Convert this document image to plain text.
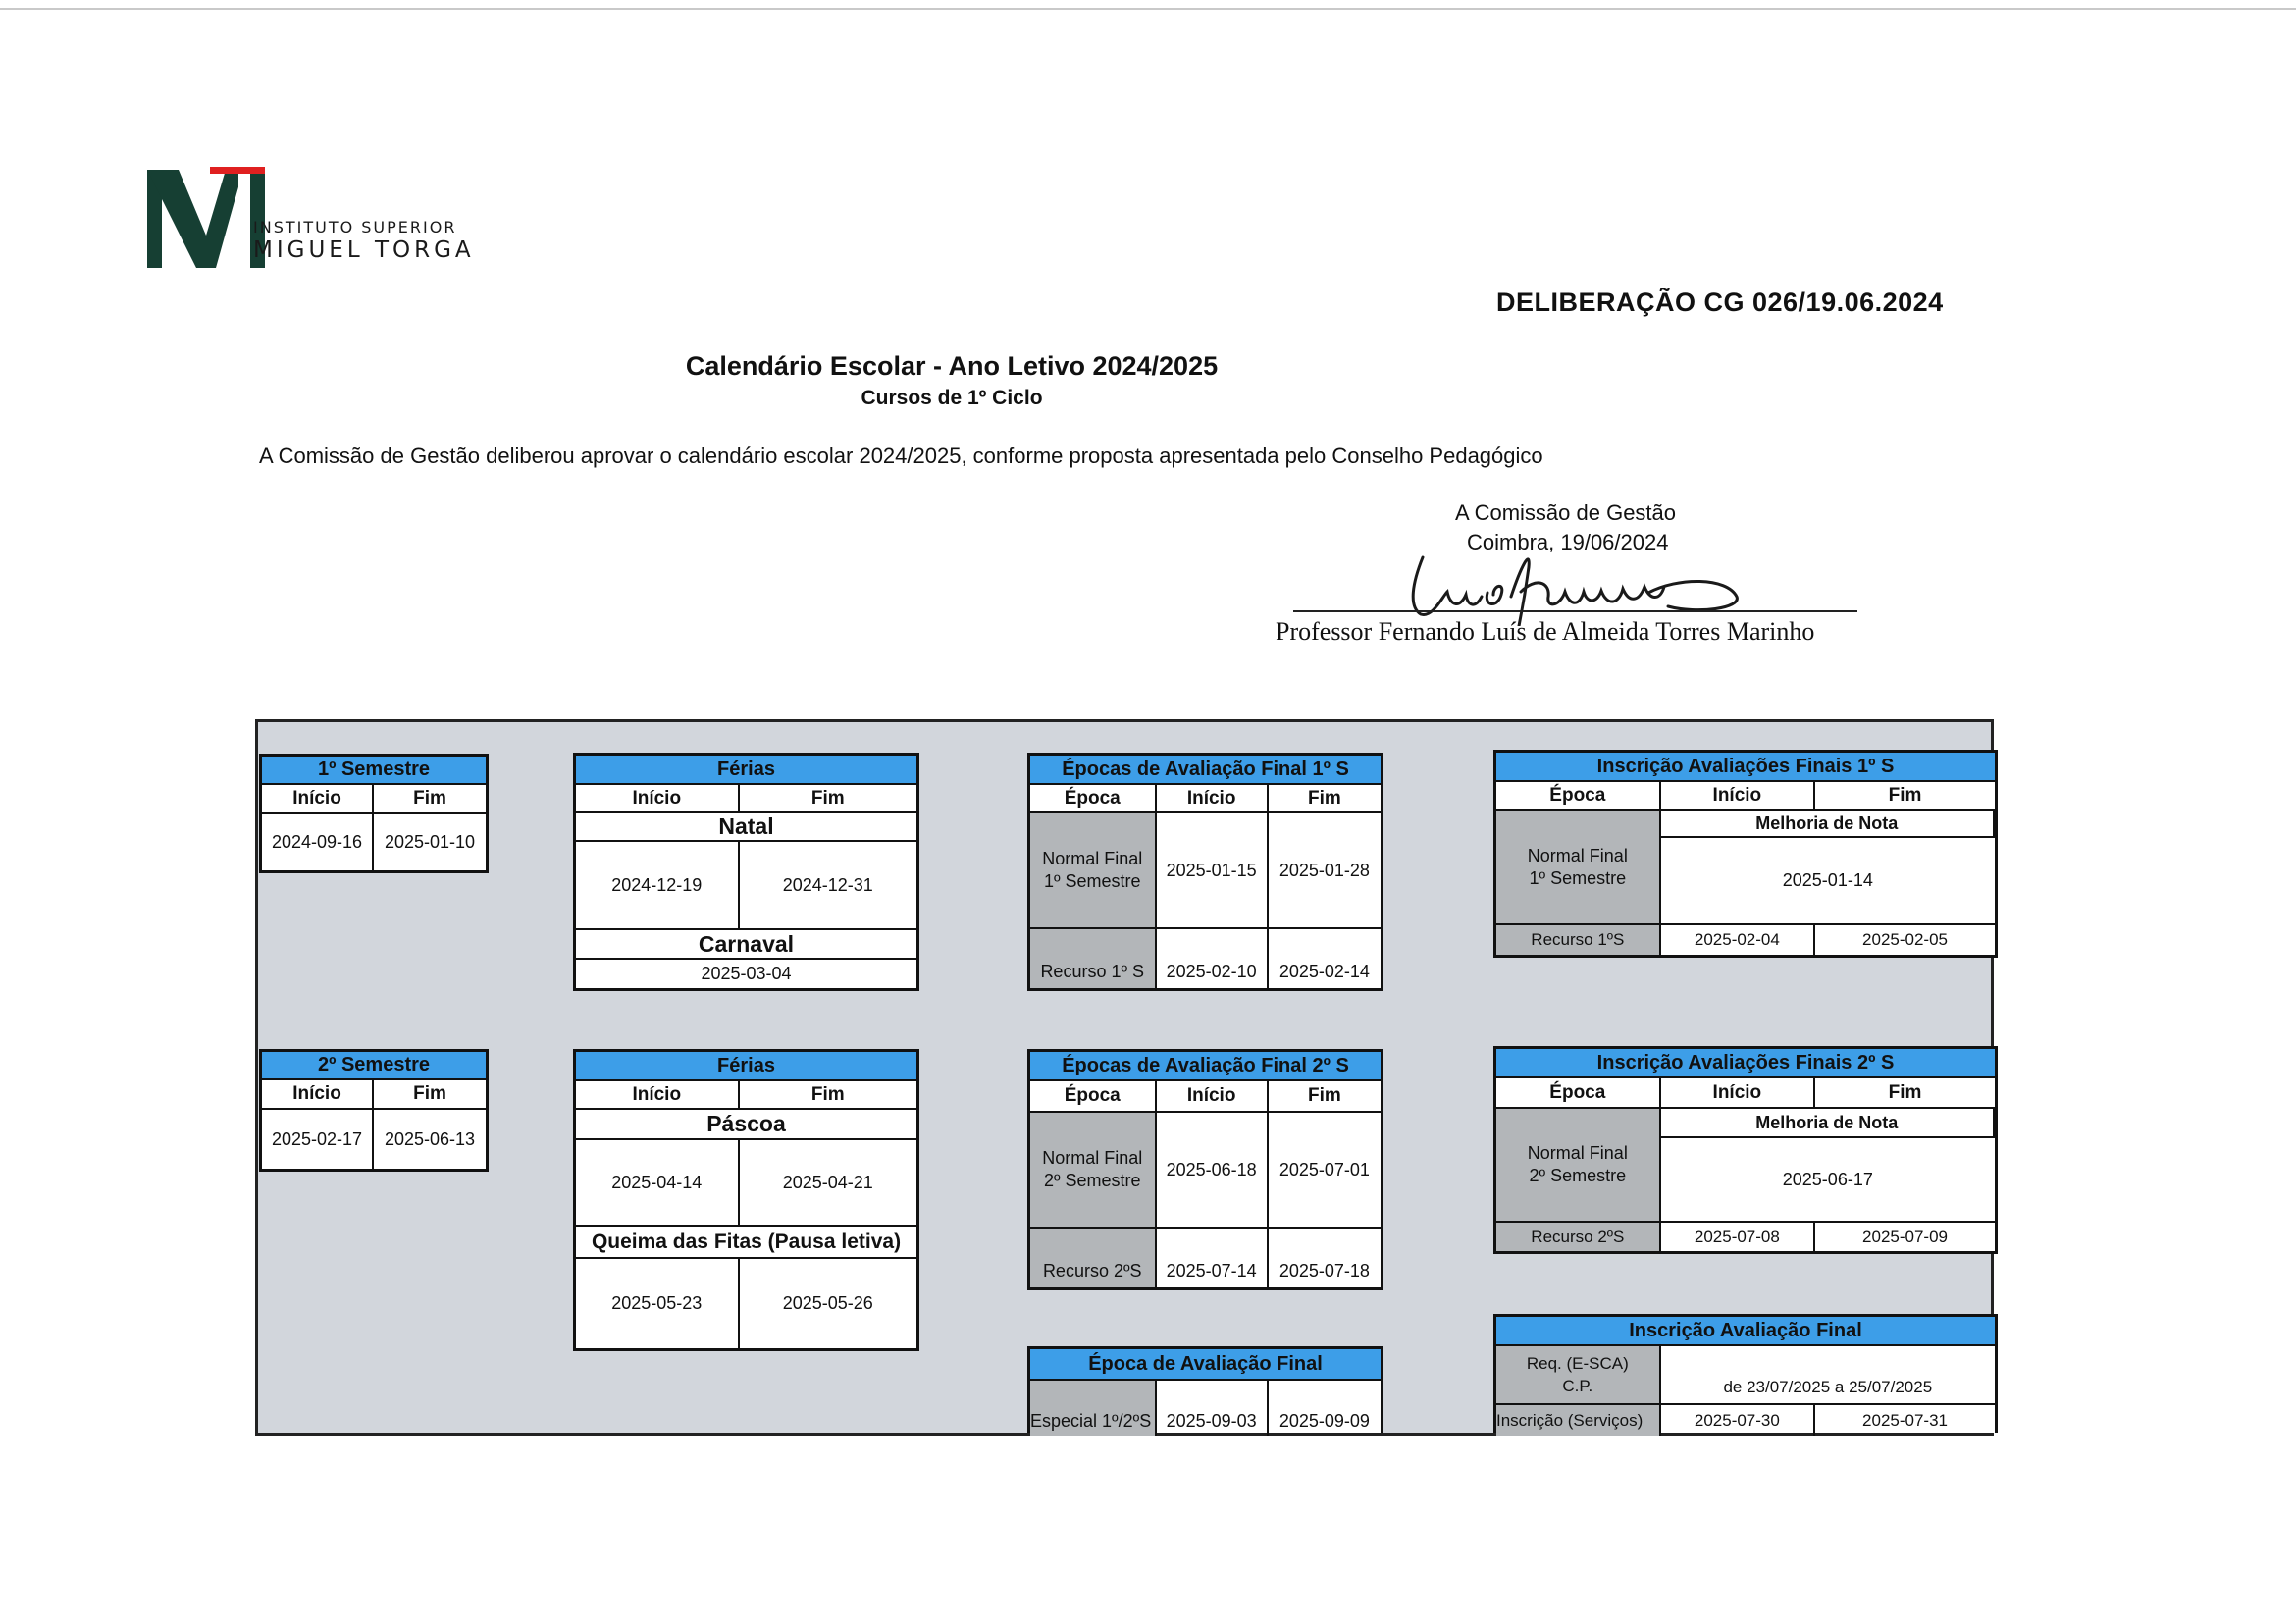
INSTITUTO SUPERIOR
MIGUEL TORGA
DELIBERAÇÃO CG 026/19.06.2024
Calendário Escolar - Ano Letivo 2024/2025
Cursos de 1º Ciclo
A Comissão de Gestão deliberou aprovar o calendário escolar 2024/2025, conforme proposta apresentada pelo Conselho Pedagógico
A Comissão de Gestão
Coimbra, 19/06/2024
Professor Fernando Luís de Almeida Torres Marinho
1º Semestre
Início	Fim
2024-09-16	2025-01-10
2º Semestre
Início	Fim
2025-02-17	2025-06-13
Férias
Início	Fim
Natal
2024-12-19	2024-12-31
Carnaval
2025-03-04
Férias
Início	Fim
Páscoa
2025-04-14	2025-04-21
Queima das Fitas (Pausa letiva)
2025-05-23	2025-05-26
Épocas de Avaliação Final 1º S
Época	Início	Fim
Normal Final
1º Semestre
2025-01-15	2025-01-28
Recurso 1º S	2025-02-10	2025-02-14
Épocas de Avaliação Final 2º S
Época	Início	Fim
Normal Final
2º Semestre
2025-06-18	2025-07-01
Recurso 2ºS	2025-07-14	2025-07-18
Época de Avaliação Final
Especial 1º/2ºS 2025-09-03	2025-09-09
Inscrição Avaliações Finais 1º S
Época	Início	Fim
Normal Final
1º Semestre
Melhoria de Nota
2025-01-14
Recurso 1ºS	2025-02-04	2025-02-05
Inscrição Avaliações Finais 2º S
Época	Início	Fim
Normal Final
2º Semestre
Melhoria de Nota
2025-06-17
Recurso 2ºS	2025-07-08	2025-07-09
Inscrição Avaliação Final
Req. (E-SCA)
C.P.	de 23/07/2025 a 25/07/2025
Inscrição (Serviços)	2025-07-30	2025-07-31
